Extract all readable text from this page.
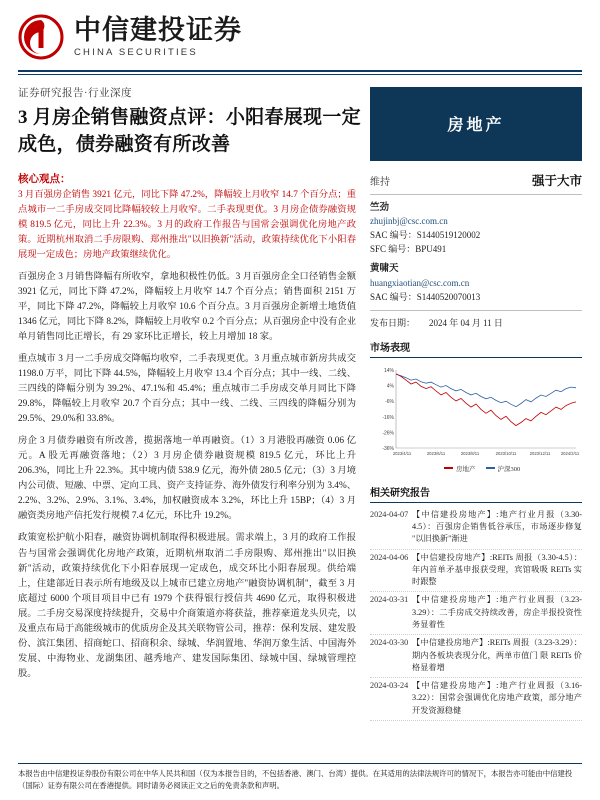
中信建投证券
CHINA SECURITIES
证券研究报告·行业深度
3 月房企销售融资点评：小阳春展现一定成色，债券融资有所改善
房地产
核心观点：

3 月百强房企销售 3921 亿元，同比下降 47.2%，降幅较上月收窄 14.7 个百分点；重点城市一二手房成交同比降幅较较上月收窄。二手表现更优。3 月房企债券融资规模 819.5 亿元，同比上升 22.3%。3 月的政府工作报告与国常会强调优化房地产政策。近期杭州取消二手房限购、郑州推出"以旧换新"活动，政策持续优化下小阳春展现一定成色；房地产政策继续优化。

百强房企 3 月销售降幅有所收窄，拿地积极性仍低。3 月百强房企全口径销售金额 3921 亿元，同比下降 47.2%，降幅较上月收窄 14.7 个百分点；销售面积 2151 万平，同比下降 47.2%，降幅较上月收窄 10.6 个百分点。3 月百强房企新增土地货值 1346 亿元，同比下降 8.2%，降幅较上月收窄 0.2 个百分点；从百强房企中没有企业单月销售同比正增长，有 29 家环比正增长，较上月增加 18 家。

重点城市 3 月一二手房成交降幅均收窄，二手表现更优。3 月重点城市新房共成交 1198.0 万平，同比下降 44.5%，降幅较上月收窄 13.4 个百分点；其中一线、二线、三四线的降幅分别为 39.2%、47.1%和 45.4%；重点城市二手房成交单月同比下降 29.8%，降幅较上月收窄 20.7 个百分点；其中一线、二线、三四线的降幅分别为 29.5%、29.0%和 33.8%。

房企 3 月债券融资有所改善，揽据落地一单再融资。（1）3 月港股再融资 0.06 亿元。A 股无再融资落地；（2）3 月房企债券融资规模 819.5 亿元，环比上升 206.3%，同比上升 22.3%。其中境内债 538.9 亿元，海外债 280.5 亿元；（3）3 月境内公司债、短融、中票、定向工具、资产支持证券、海外债发行利率分别为 3.4%、2.2%、3.2%、2.9%、3.1%、3.4%，加权融资成本 3.2%，环比上升 15BP；（4）3 月融资类房地产信托发行规模 7.4 亿元，环比升 19.2%。

政策宽松护航小阳春，融资协调机制取得积极进展。需求端上，3 月的政府工作报告与国常会强调优化房地产政策，近期杭州取消二手房限购、郑州推出"以旧换新"活动，政策持续优化下小阳春展现一定成色，成交环比小阳春展现。供给端上，住建部近日表示所有地级及以上城市已建立房地产"融资协调机制"，截至 3 月底超过 6000 个项目项目中已有 1979 个获得银行授信共 4690 亿元，取得积极进展。二手房交易深度持续提升，交易中介商策道亦将获益，推荐豪道龙头贝壳，以及重点布局于高能级城市的优质房企及其关联物管公司，推荐：保利发展、建发股份、滨江集团、招商蛇口、招商积余、绿城、华润置地、华润万象生活、中国海外发展、中海物业、龙湖集团、越秀地产、建发国际集团、绿城中国、绿城管理控股。

维持	强于大市
竺劲
zhujinbj@csc.com.cn
SAC 编号：S1440519120002
SFC 编号：BPU491
黄啸天
huangxiaotian@csc.com.cn
SAC 编号：S1440520070013
发布日期： 2024 年 04 月 11 日
市场表现
14%
4%
-6%
-16%
-26%
-36%
2023/4/11	2023/6/11	2023/8/11	2023/10/11	2023/12/11	2024/2/11
房地产	沪深300
相关研究报告
2024-04-07 【中信建投房地产】:地产行业月报（3.30-4.5）：百强房企销售低谷承压，市场逐步修复 "以旧换新"渐进
2024-04-06 【中信建投房地产】:REITs 周报（3.30-4.5）：年内首单矛基申报获受理，宾馆吸吸 REITs 实时跟整
2024-03-31 【中信建投房地产】:地产行业周报（3.23-3.29）：二手房成交持续改善，房企半报投资性务显着性
2024-03-30 【中信建投房地产】:REITs 周报（3.23-3.29）：期内各板块表现分化，两单市值门 限 REITs 价格显着增
2024-03-24 【中信建投房地产】:地产行业周报（3.16-3.22）：国常会强调优化房地产政策，部分地产开发资源稳健
本报告由中信建投证券股份有限公司在中华人民共和国（仅为本报告目的，不包括香港、澳门、台湾）提供。在其适用的法律法规许可的情况下，本报告亦可能由中信建投（国际）证券有限公司在香港提供。同时请务必阅读正文之后的免责条款和声明。
